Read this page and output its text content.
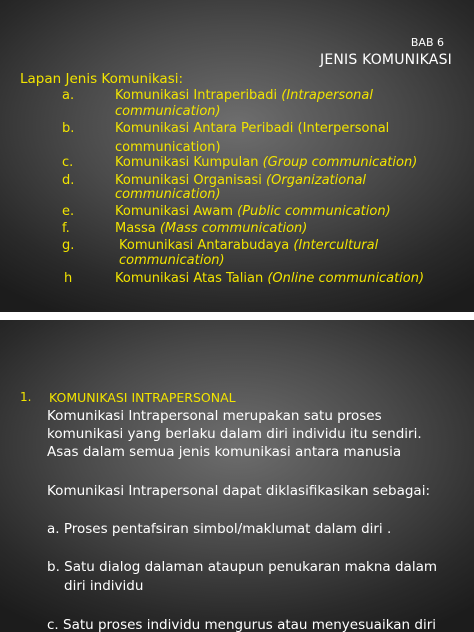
BAB 6
JENIS KOMUNIKASI
Lapan Jenis Komunikasi:
a.	Komunikasi Intraperibadi (Intrapersonal
communication)
b.	Komunikasi Antara Peribadi (Interpersonal
communication)
c.	Komunikasi Kumpulan (Group communication)
d.	Komunikasi Organisasi (Organizational
communication)
e.	Komunikasi Awam (Public communication)
f.	Massa (Mass communication)
g.	Komunikasi Antarabudaya (Intercultural
communication)
h	Komunikasi Atas Talian (Online communication)
1. KOMUNIKASI INTRAPERSONAL
Komunikasi Intrapersonal merupakan satu proses
komunikasi yang berlaku dalam diri individu itu sendiri.
Asas dalam semua jenis komunikasi antara manusia
Komunikasi Intrapersonal dapat diklasifikasikan sebagai:
a. Proses pentafsiran simbol/maklumat dalam diri .
b. Satu dialog dalaman ataupun penukaran makna dalam
diri individu
c. Satu proses individu mengurus atau menyesuaikan diri
